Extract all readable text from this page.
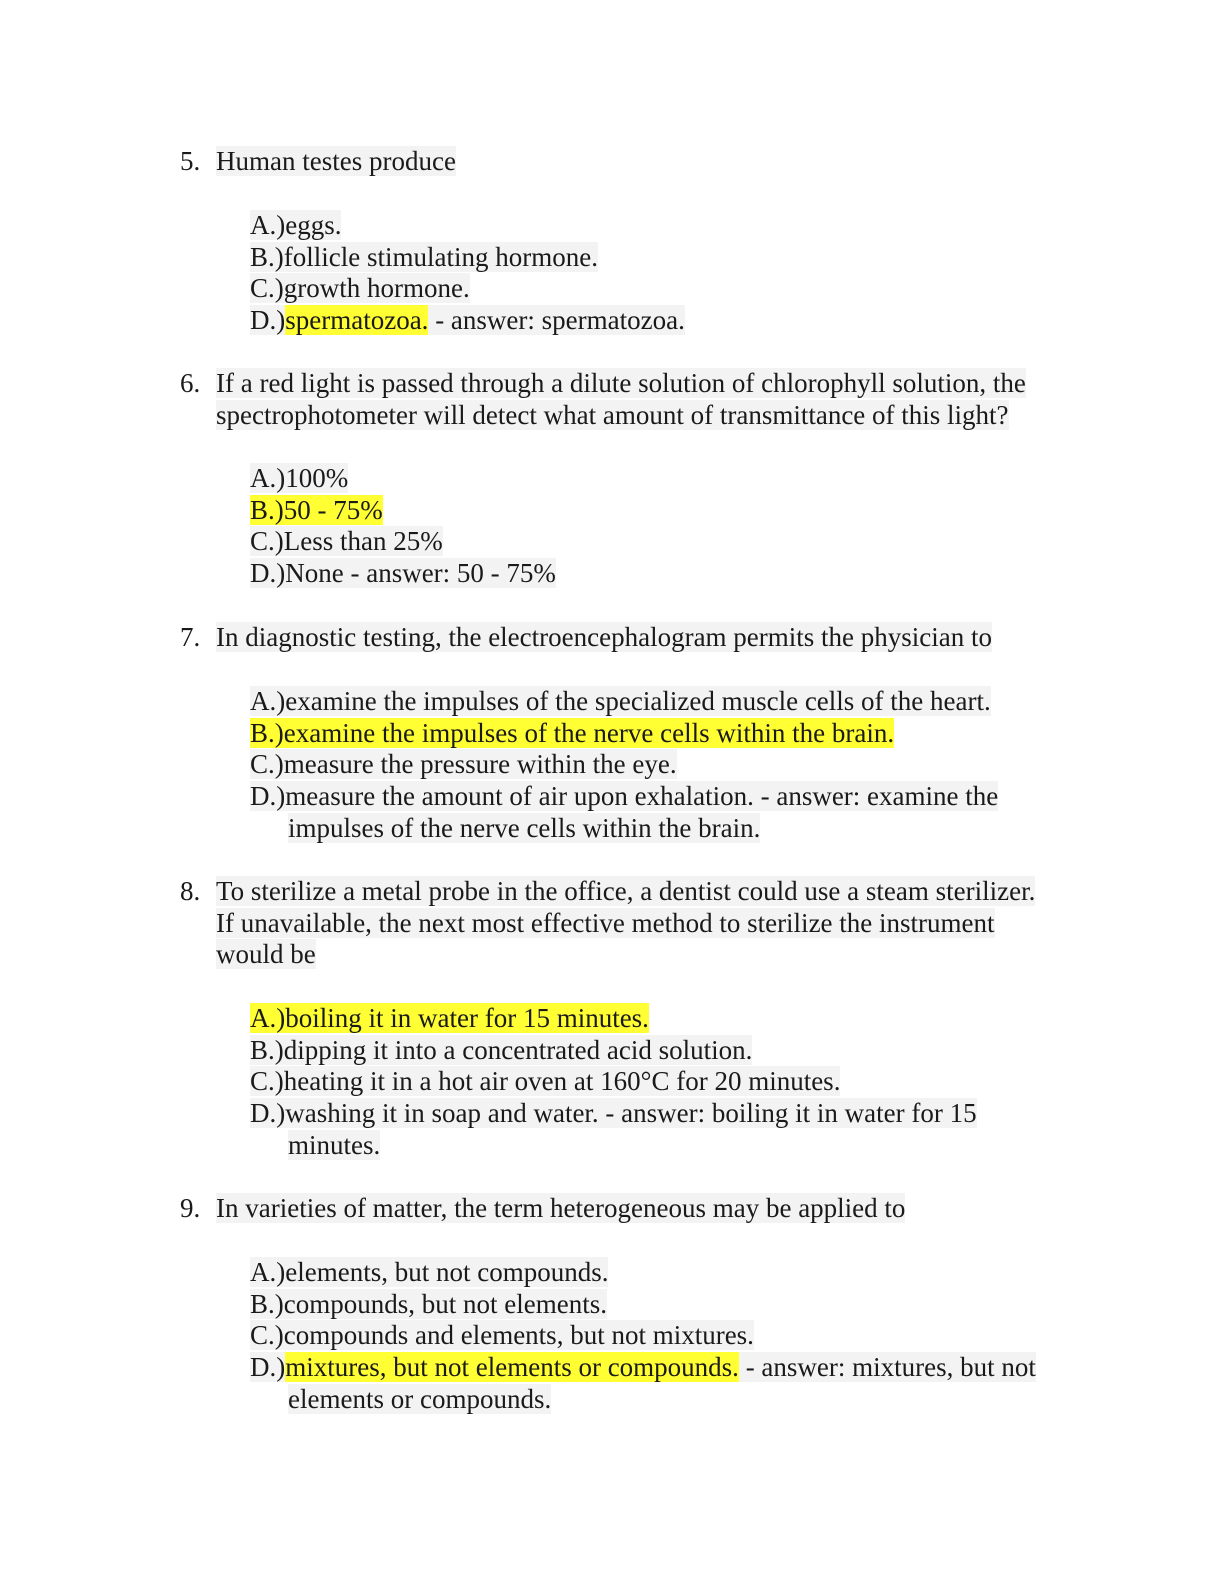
5. Human testes produce
A.)eggs.
B.)follicle stimulating hormone.
C.)growth hormone.
D.)spermatozoa. - answer: spermatozoa.
6. If a red light is passed through a dilute solution of chlorophyll solution, the
spectrophotometer will detect what amount of transmittance of this light?
A.)100%
B.)50 - 75%
C.)Less than 25%
D.)None - answer: 50 - 75%
7. In diagnostic testing, the electroencephalogram permits the physician to
A.)examine the impulses of the specialized muscle cells of the heart.
B.)examine the impulses of the nerve cells within the brain.
C.)measure the pressure within the eye.
D.)measure the amount of air upon exhalation. - answer: examine the
impulses of the nerve cells within the brain.
8. To sterilize a metal probe in the office, a dentist could use a steam sterilizer.
If unavailable, the next most effective method to sterilize the instrument
would be
A.)boiling it in water for 15 minutes.
B.)dipping it into a concentrated acid solution.
C.)heating it in a hot air oven at 160°C for 20 minutes.
D.)washing it in soap and water. - answer: boiling it in water for 15
minutes.
9. In varieties of matter, the term heterogeneous may be applied to
A.)elements, but not compounds.
B.)compounds, but not elements.
C.)compounds and elements, but not mixtures.
D.)mixtures, but not elements or compounds. - answer: mixtures, but not
elements or compounds.
